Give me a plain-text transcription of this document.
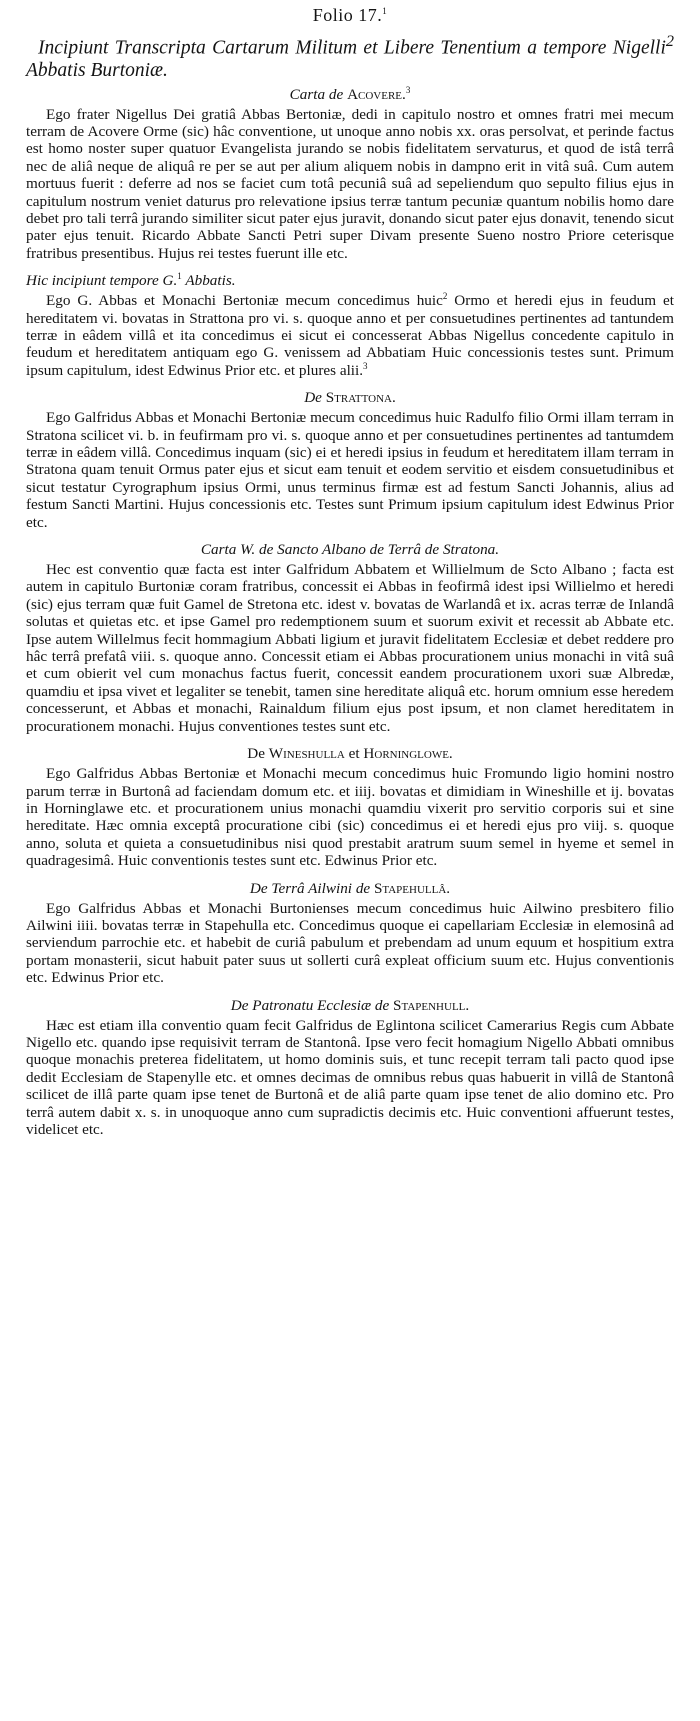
Folio 17.$^1$
Incipiunt Transcripta Cartarum Militum et Libere Tenentium a tempore Nigelli$^2$ Abbatis Burtoniæ.
Carta de Acovere.$^3$

Ego frater Nigellus Dei gratiâ Abbas Bertoniæ, dedi in capitulo nostro et omnes fratri mei mecum terram de Acovere Orme (sic) hâc conventione, ut unoque anno nobis xx. oras persolvat, et perinde factus est homo noster super quatuor Evangelista jurando se nobis fidelitatem servaturus, et quod de istâ terrâ nec de aliâ neque de aliquâ re per se aut per alium aliquem nobis in dampno erit in vitâ suâ. Cum autem mortuus fuerit : deferre ad nos se faciet cum totâ pecuniâ suâ ad sepeliendum quo sepulto filius ejus in capitulum nostrum veniet daturus pro relevatione ipsius terræ tantum pecuniæ quantum nobilis homo dare debet pro tali terrâ jurando similiter sicut pater ejus juravit, donando sicut pater ejus donavit, tenendo sicut pater ejus tenuit. Ricardo Abbate Sancti Petri super Divam presente Sueno nostro Priore ceterisque fratribus presentibus. Hujus rei testes fuerunt ille etc.

Hic incipiunt tempore G.$^1$ Abbatis.

Ego G. Abbas et Monachi Bertoniæ mecum concedimus huic$^2$ Ormo et heredi ejus in feudum et hereditatem vi. bovatas in Strattona pro vi. s. quoque anno et per consuetudines pertinentes ad tantundem terræ in eâdem villâ et ita concedimus ei sicut ei concesserat Abbas Nigellus concedente capitulo in feudum et hereditatem antiquam ego G. venissem ad Abbatiam Huic concessionis testes sunt. Primum ipsum capitulum, idest Edwinus Prior etc. et plures alii.$^3$

De Strattona.

Ego Galfridus Abbas et Monachi Bertoniæ mecum concedimus huic Radulfo filio Ormi illam terram in Stratona scilicet vi. b. in feufirmam pro vi. s. quoque anno et per consuetudines pertinentes ad tantumdem terræ in eâdem villâ. Concedimus inquam (sic) ei et heredi ipsius in feudum et hereditatem illam terram in Stratona quam tenuit Ormus pater ejus et sicut eam tenuit et eodem servitio et eisdem consuetudinibus et sicut testatur Cyrographum ipsius Ormi, unus terminus firmæ est ad festum Sancti Johannis, alius ad festum Sancti Martini. Hujus concessionis etc. Testes sunt Primum ipsium capitulum idest Edwinus Prior etc.

Carta W. de Sancto Albano de Terrâ de Stratona.

Hec est conventio quæ facta est inter Galfridum Abbatem et Willielmum de Scto Albano ; facta est autem in capitulo Burtoniæ coram fratribus, concessit ei Abbas in feofirmâ idest ipsi Willielmo et heredi (sic) ejus terram quæ fuit Gamel de Stretona etc. idest v. bovatas de Warlandâ et ix. acras terræ de Inlandâ solutas et quietas etc. et ipse Gamel pro redemptionem suum et suorum exivit et recessit ab Abbate etc. Ipse autem Willelmus fecit hommagium Abbati ligium et juravit fidelitatem Ecclesiæ et debet reddere pro hâc terrâ prefatâ viii. s. quoque anno. Concessit etiam ei Abbas procurationem unius monachi in vitâ suâ et cum obierit vel cum monachus factus fuerit, concessit eandem procurationem uxori suæ Albredæ, quamdiu et ipsa vivet et legaliter se tenebit, tamen sine hereditate aliquâ etc. horum omnium esse heredem concesserunt, et Abbas et monachi, Rainaldum filium ejus post ipsum, et non clamet hereditatem in procurationem monachi. Hujus conventiones testes sunt etc.

De Wineshulla et Horninglowe.

Ego Galfridus Abbas Bertoniæ et Monachi mecum concedimus huic Fromundo ligio homini nostro parum terræ in Burtonâ ad faciendam domum etc. et iiij. bovatas et dimidiam in Wineshille et ij. bovatas in Horninglawe etc. et procurationem unius monachi quamdiu vixerit pro servitio corporis sui et sine hereditate. Hæc omnia exceptâ procuratione cibi (sic) concedimus ei et heredi ejus pro viij. s. quoque anno, soluta et quieta a consuetudinibus nisi quod prestabit aratrum suum semel in hyeme et semel in quadragesimâ. Huic conventionis testes sunt etc. Edwinus Prior etc.

De Terrâ Ailwini de Stapehullâ.

Ego Galfridus Abbas et Monachi Burtonienses mecum concedimus huic Ailwino presbitero filio Ailwini iiii. bovatas terræ in Stapehulla etc. Concedimus quoque ei capellariam Ecclesiæ in elemosinâ ad serviendum parrochie etc. et habebit de curiâ pabulum et prebendam ad unum equum et hospitium extra portam monasterii, sicut habuit pater suus ut sollerti curâ expleat officium suum etc. Hujus conventionis etc. Edwinus Prior etc.

De Patronatu Ecclesiæ de Stapenhull.

Hæc est etiam illa conventio quam fecit Galfridus de Eglintona scilicet Camerarius Regis cum Abbate Nigello etc. quando ipse requisivit terram de Stantonâ. Ipse vero fecit homagium Nigello Abbati omnibus quoque monachis preterea fidelitatem, ut homo dominis suis, et tunc recepit terram tali pacto quod ipse dedit Ecclesiam de Stapenylle etc. et omnes decimas de omnibus rebus quas habuerit in villâ de Stantonâ scilicet de illâ parte quam ipse tenet de Burtonâ et de aliâ parte quam ipse tenet de alio domino etc. Pro terrâ autem dabit x. s. in unoquoque anno cum supradictis decimis etc. Huic conventioni affuerunt testes, videlicet etc.
